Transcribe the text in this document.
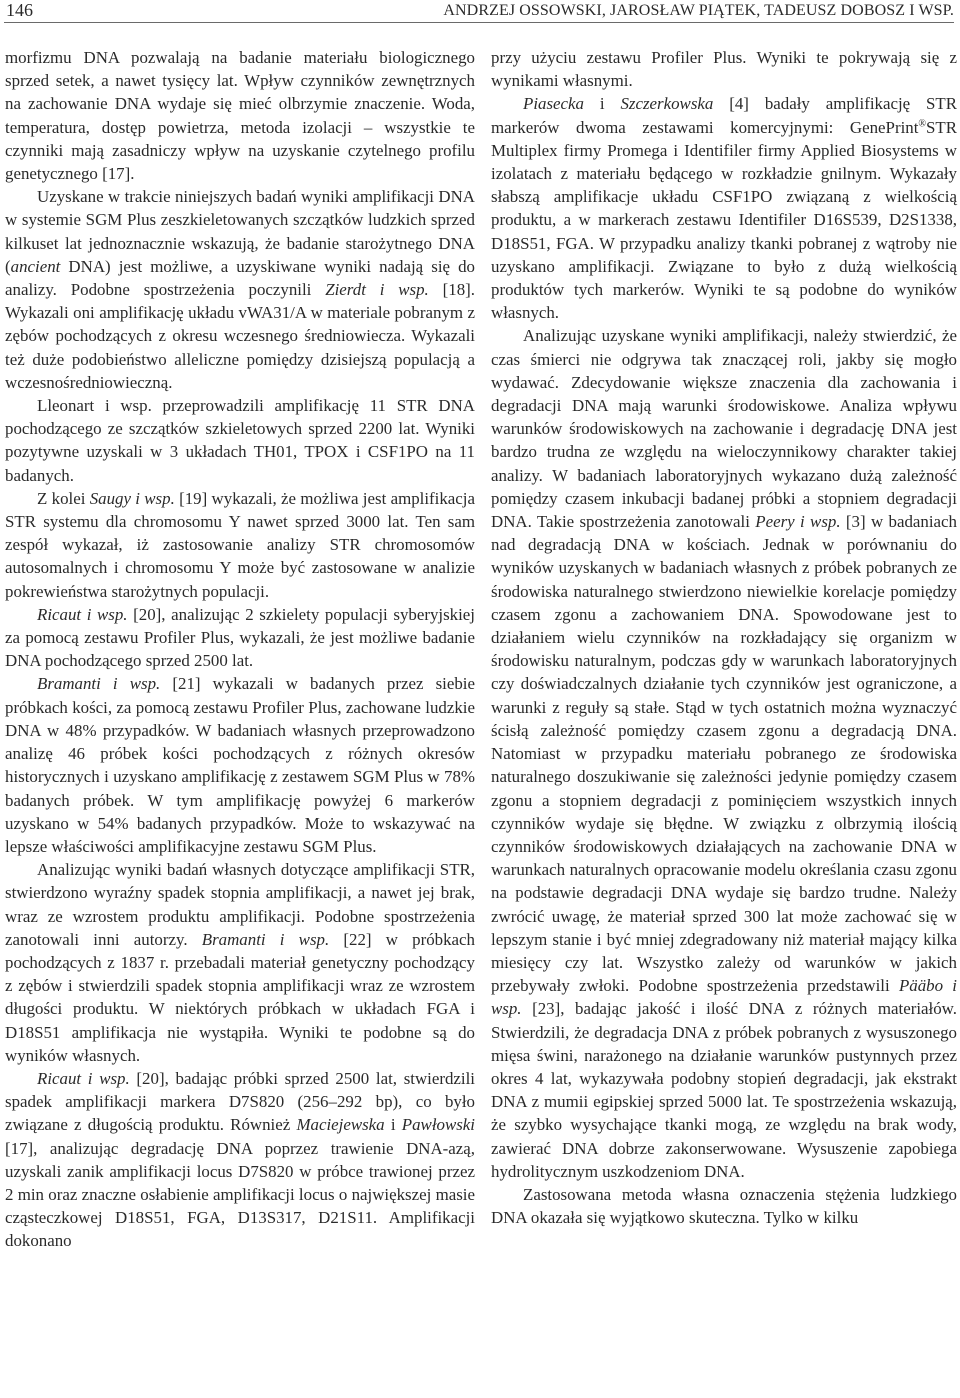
146	ANDRZEJ OSSOWSKI, JAROSŁAW PIĄTEK, TADEUSZ DOBOSZ I WSP.

morfizmu DNA pozwalają na badanie materiału biologicznego sprzed setek, a nawet tysięcy lat. Wpływ czynników zewnętrznych na zachowanie DNA wydaje się mieć olbrzymie znaczenie. Woda, temperatura, dostęp powietrza, metoda izolacji – wszystkie te czynniki mają zasadniczy wpływ na uzyskanie czytelnego profilu genetycznego [17].

Uzyskane w trakcie niniejszych badań wyniki amplifikacji DNA w systemie SGM Plus zeszkieletowanych szczątków ludzkich sprzed kilkuset lat jednoznacznie wskazują, że badanie starożytnego DNA (ancient DNA) jest możliwe, a uzyskiwane wyniki nadają się do analizy. Podobne spostrzeżenia poczynili Zierdt i wsp. [18]. Wykazali oni amplifikację układu vWA31/A w materiale pobranym z zębów pochodzących z okresu wczesnego średniowiecza. Wykazali też duże podobieństwo alleliczne pomiędzy dzisiejszą populacją a wczesnośredniowieczną.

Lleonart i wsp. przeprowadzili amplifikację 11 STR DNA pochodzącego ze szczątków szkieletowych sprzed 2200 lat. Wyniki pozytywne uzyskali w 3 układach TH01, TPOX i CSF1PO na 11 badanych.

Z kolei Saugy i wsp. [19] wykazali, że możliwa jest amplifikacja STR systemu dla chromosomu Y nawet sprzed 3000 lat. Ten sam zespół wykazał, iż zastosowanie analizy STR chromosomów autosomalnych i chromosomu Y może być zastosowane w analizie pokrewieństwa starożytnych populacji.

Ricaut i wsp. [20], analizując 2 szkielety populacji syberyjskiej za pomocą zestawu Profiler Plus, wykazali, że jest możliwe badanie DNA pochodzącego sprzed 2500 lat.

Bramanti i wsp. [21] wykazali w badanych przez siebie próbkach kości, za pomocą zestawu Profiler Plus, zachowane ludzkie DNA w 48% przypadków. W badaniach własnych przeprowadzono analizę 46 próbek kości pochodzących z różnych okresów historycznych i uzyskano amplifikację z zestawem SGM Plus w 78% badanych próbek. W tym amplifikację powyżej 6 markerów uzyskano w 54% badanych przypadków. Może to wskazywać na lepsze właściwości amplifikacyjne zestawu SGM Plus.

Analizując wyniki badań własnych dotyczące amplifikacji STR, stwierdzono wyraźny spadek stopnia amplifikacji, a nawet jej brak, wraz ze wzrostem produktu amplifikacji. Podobne spostrzeżenia zanotowali inni autorzy. Bramanti i wsp. [22] w próbkach pochodzących z 1837 r. przebadali materiał genetyczny pochodzący z zębów i stwierdzili spadek stopnia amplifikacji wraz ze wzrostem długości produktu. W niektórych próbkach w układach FGA i D18S51 amplifikacja nie wystąpiła. Wyniki te podobne są do wyników własnych.

Ricaut i wsp. [20], badając próbki sprzed 2500 lat, stwierdzili spadek amplifikacji markera D7S820 (256–292 bp), co było związane z długością produktu. Również Maciejewska i Pawłowski [17], analizując degradację DNA poprzez trawienie DNA-azą, uzyskali zanik amplifikacji locus D7S820 w próbce trawionej przez 2 min oraz znaczne osłabienie amplifikacji locus o największej masie cząsteczkowej D18S51, FGA, D13S317, D21S11. Amplifikacji dokonano

przy użyciu zestawu Profiler Plus. Wyniki te pokrywają się z wynikami własnymi.

Piasecka i Szczerkowska [4] badały amplifikację STR markerów dwoma zestawami komercyjnymi: GenePrint®STR Multiplex firmy Promega i Identifiler firmy Applied Biosystems w izolatach z materiału będącego w rozkładzie gnilnym. Wykazały słabszą amplifikacje układu CSF1PO związaną z wielkością produktu, a w markerach zestawu Identifiler D16S539, D2S1338, D18S51, FGA. W przypadku analizy tkanki pobranej z wątroby nie uzyskano amplifikacji. Związane to było z dużą wielkością produktów tych markerów. Wyniki te są podobne do wyników własnych.

Analizując uzyskane wyniki amplifikacji, należy stwierdzić, że czas śmierci nie odgrywa tak znaczącej roli, jakby się mogło wydawać. Zdecydowanie większe znaczenia dla zachowania i degradacji DNA mają warunki środowiskowe. Analiza wpływu warunków środowiskowych na zachowanie i degradację DNA jest bardzo trudna ze względu na wieloczynnikowy charakter takiej analizy. W badaniach laboratoryjnych wykazano dużą zależność pomiędzy czasem inkubacji badanej próbki a stopniem degradacji DNA. Takie spostrzeżenia zanotowali Peery i wsp. [3] w badaniach nad degradacją DNA w kościach. Jednak w porównaniu do wyników uzyskanych w badaniach własnych z próbek pobranych ze środowiska naturalnego stwierdzono niewielkie korelacje pomiędzy czasem zgonu a zachowaniem DNA. Spowodowane jest to działaniem wielu czynników na rozkładający się organizm w środowisku naturalnym, podczas gdy w warunkach laboratoryjnych czy doświadczalnych działanie tych czynników jest ograniczone, a warunki z reguły są stałe. Stąd w tych ostatnich można wyznaczyć ścisłą zależność pomiędzy czasem zgonu a degradacją DNA. Natomiast w przypadku materiału pobranego ze środowiska naturalnego doszukiwanie się zależności jedynie pomiędzy czasem zgonu a stopniem degradacji z pominięciem wszystkich innych czynników wydaje się błędne. W związku z olbrzymią ilością czynników środowiskowych działających na zachowanie DNA w warunkach naturalnych opracowanie modelu określania czasu zgonu na podstawie degradacji DNA wydaje się bardzo trudne. Należy zwrócić uwagę, że materiał sprzed 300 lat może zachować się w lepszym stanie i być mniej zdegradowany niż materiał mający kilka miesięcy czy lat. Wszystko zależy od warunków w jakich przebywały zwłoki. Podobne spostrzeżenia przedstawili Pääbo i wsp. [23], badając jakość i ilość DNA z różnych materiałów. Stwierdzili, że degradacja DNA z próbek pobranych z wysuszonego mięsa świni, narażonego na działanie warunków pustynnych przez okres 4 lat, wykazywała podobny stopień degradacji, jak ekstrakt DNA z mumii egipskiej sprzed 5000 lat. Te spostrzeżenia wskazują, że szybko wysychające tkanki mogą, ze względu na brak wody, zawierać DNA dobrze zakonserwowane. Wysuszenie zapobiega hydrolitycznym uszkodzeniom DNA.

Zastosowana metoda własna oznaczenia stężenia ludzkiego DNA okazała się wyjątkowo skuteczna. Tylko w kilku
